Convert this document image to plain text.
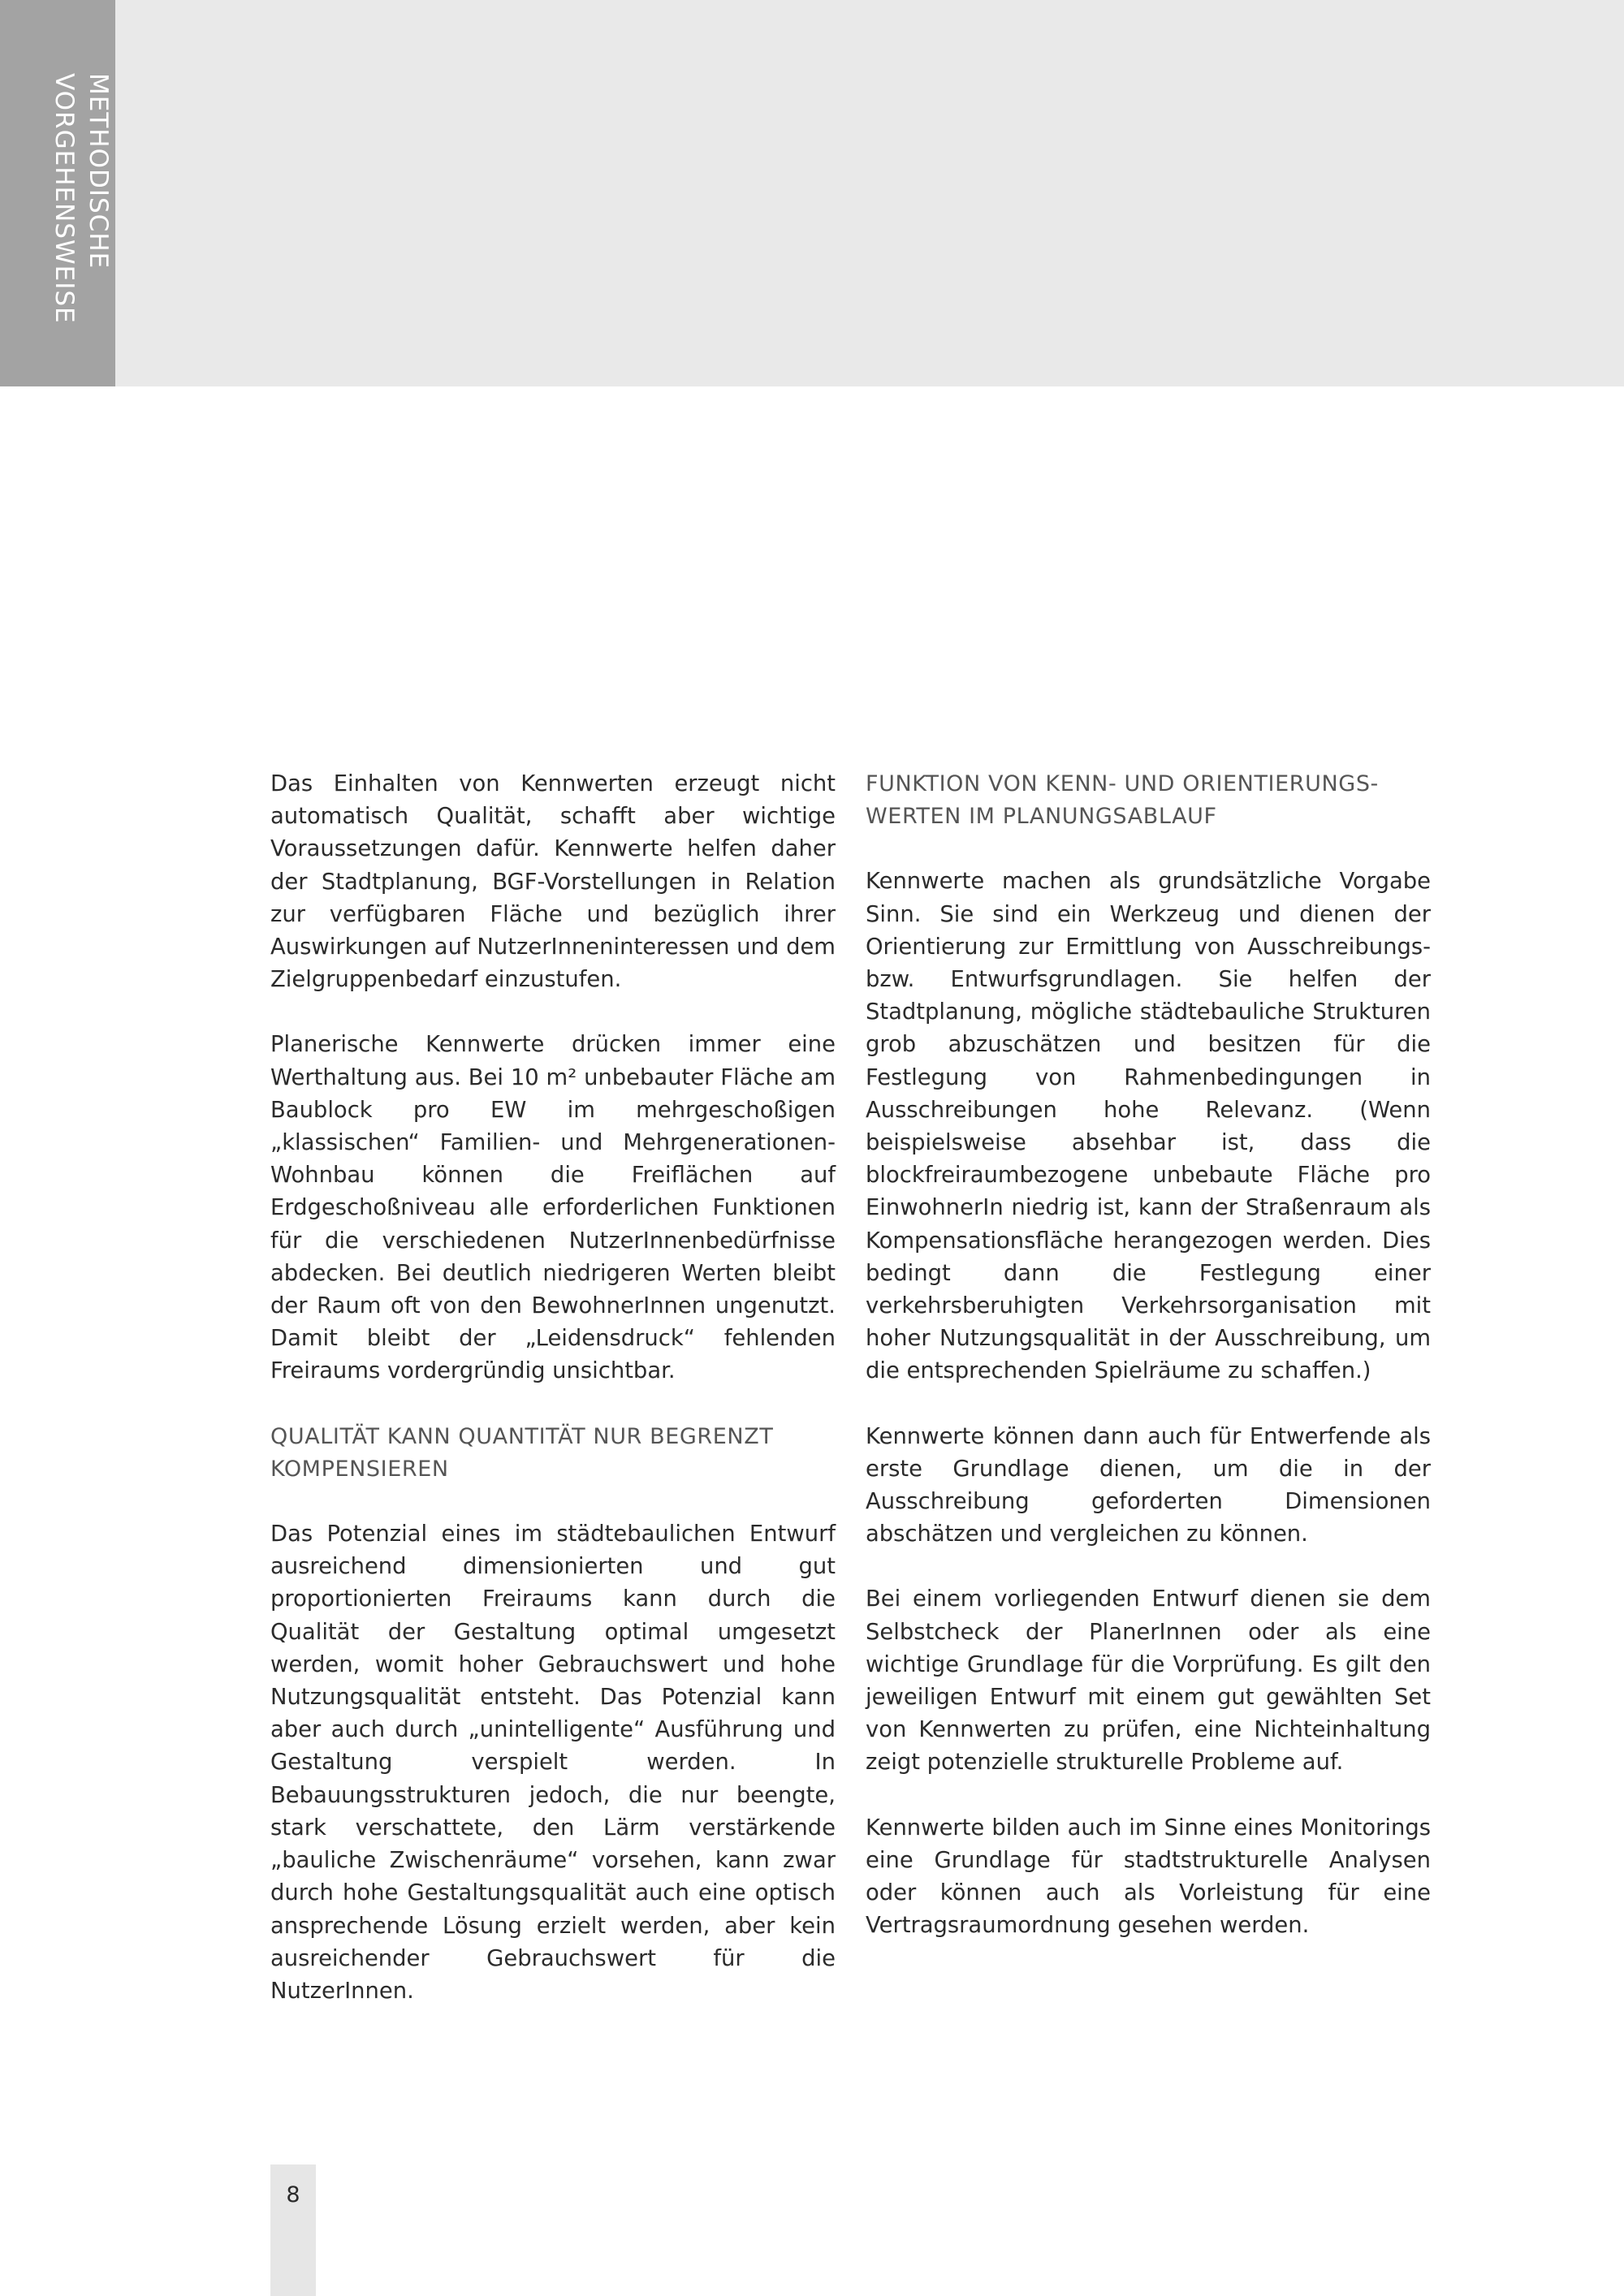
METHODISCHE
VORGEHENSWEISE

Das Einhalten von Kennwerten erzeugt nicht automatisch Qualität, schafft aber wichtige Voraussetzungen dafür. Kennwerte helfen daher der Stadtplanung, BGF-Vorstellungen in Relation zur verfügbaren Fläche und bezüglich ihrer Auswirkungen auf NutzerInneninteressen und dem Zielgruppenbedarf einzustufen.

Planerische Kennwerte drücken immer eine Werthaltung aus. Bei 10 m² unbebauter Fläche am Baublock pro EW im mehrgeschoßigen „klassischen“ Familien- und Mehrgenerationen-Wohnbau können die Freiflächen auf Erdgeschoßniveau alle erforderlichen Funktionen für die verschiedenen NutzerInnenbedürfnisse abdecken. Bei deutlich niedrigeren Werten bleibt der Raum oft von den BewohnerInnen ungenutzt. Damit bleibt der „Leidensdruck“ fehlenden Freiraums vordergründig unsichtbar.

QUALITÄT KANN QUANTITÄT NUR BEGRENZT
KOMPENSIEREN

Das Potenzial eines im städtebaulichen Entwurf ausreichend dimensionierten und gut proportionierten Freiraums kann durch die Qualität der Gestaltung optimal umgesetzt werden, womit hoher Gebrauchswert und hohe Nutzungsqualität entsteht. Das Potenzial kann aber auch durch „unintelligente“ Ausführung und Gestaltung verspielt werden. In Bebauungsstrukturen jedoch, die nur beengte, stark verschattete, den Lärm verstärkende „bauliche Zwischenräume“ vorsehen, kann zwar durch hohe Gestaltungsqualität auch eine optisch ansprechende Lösung erzielt werden, aber kein ausreichender Gebrauchswert für die NutzerInnen.

FUNKTION VON KENN- UND ORIENTIERUNGS-
WERTEN IM PLANUNGSABLAUF

Kennwerte machen als grundsätzliche Vorgabe Sinn. Sie sind ein Werkzeug und dienen der Orientierung zur Ermittlung von Ausschreibungs- bzw. Entwurfsgrundlagen. Sie helfen der Stadtplanung, mögliche städtebauliche Strukturen grob abzuschätzen und besitzen für die Festlegung von Rahmenbedingungen in Ausschreibungen hohe Relevanz. (Wenn beispielsweise absehbar ist, dass die blockfreiraumbezogene unbebaute Fläche pro EinwohnerIn niedrig ist, kann der Straßenraum als Kompensationsfläche herangezogen werden. Dies bedingt dann die Festlegung einer verkehrsberuhigten Verkehrsorganisation mit hoher Nutzungsqualität in der Ausschreibung, um die entsprechenden Spielräume zu schaffen.)

Kennwerte können dann auch für Entwerfende als erste Grundlage dienen, um die in der Ausschreibung geforderten Dimensionen abschätzen und vergleichen zu können.

Bei einem vorliegenden Entwurf dienen sie dem Selbstcheck der PlanerInnen oder als eine wichtige Grundlage für die Vorprüfung. Es gilt den jeweiligen Entwurf mit einem gut gewählten Set von Kennwerten zu prüfen, eine Nichteinhaltung zeigt potenzielle strukturelle Probleme auf.

Kennwerte bilden auch im Sinne eines Monitorings eine Grundlage für stadtstrukturelle Analysen oder können auch als Vorleistung für eine Vertragsraumordnung gesehen werden.

8
